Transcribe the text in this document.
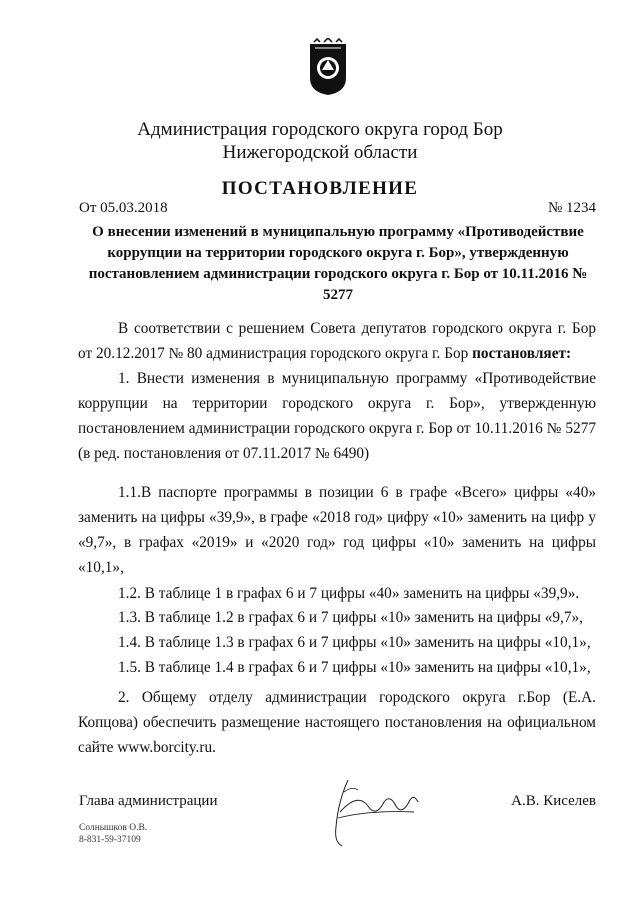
Администрация городского округа город Бор
Нижегородской области
ПОСТАНОВЛЕНИЕ
От 05.03.2018	№ 1234
О внесении изменений в муниципальную программу «Противодействие коррупции на территории городского округа г. Бор», утвержденную постановлением администрации городского округа г. Бор от 10.11.2016 № 5277
В соответствии с решением Совета депутатов городского округа г. Бор от 20.12.2017 № 80 администрация городского округа г. Бор постановляет:
1. Внести изменения в муниципальную программу «Противодействие коррупции на территории городского округа г. Бор», утвержденную постановлением администрации городского округа г. Бор от 10.11.2016 № 5277 (в ред. постановления от 07.11.2017 № 6490)
1.1.В паспорте программы в позиции 6 в графе «Всего» цифры «40» заменить на цифры «39,9», в графе «2018 год» цифру «10» заменить на цифр у «9,7», в графах «2019» и «2020 год» год цифры «10» заменить на цифры «10,1»,
1.2. В таблице 1 в графах 6 и 7 цифры «40» заменить на цифры «39,9».
1.3. В таблице 1.2 в графах 6 и 7 цифры «10» заменить на цифры «9,7»,
1.4. В таблице 1.3 в графах 6 и 7 цифры «10» заменить на цифры «10,1»,
1.5. В таблице 1.4 в графах 6 и 7 цифры «10» заменить на цифры «10,1»,
2. Общему отделу администрации городского округа г.Бор (Е.А. Копцова) обеспечить размещение настоящего постановления на официальном сайте www.borcity.ru.
Глава администрации	А.В. Киселев
Солнышков О.В.
8-831-59-37109
